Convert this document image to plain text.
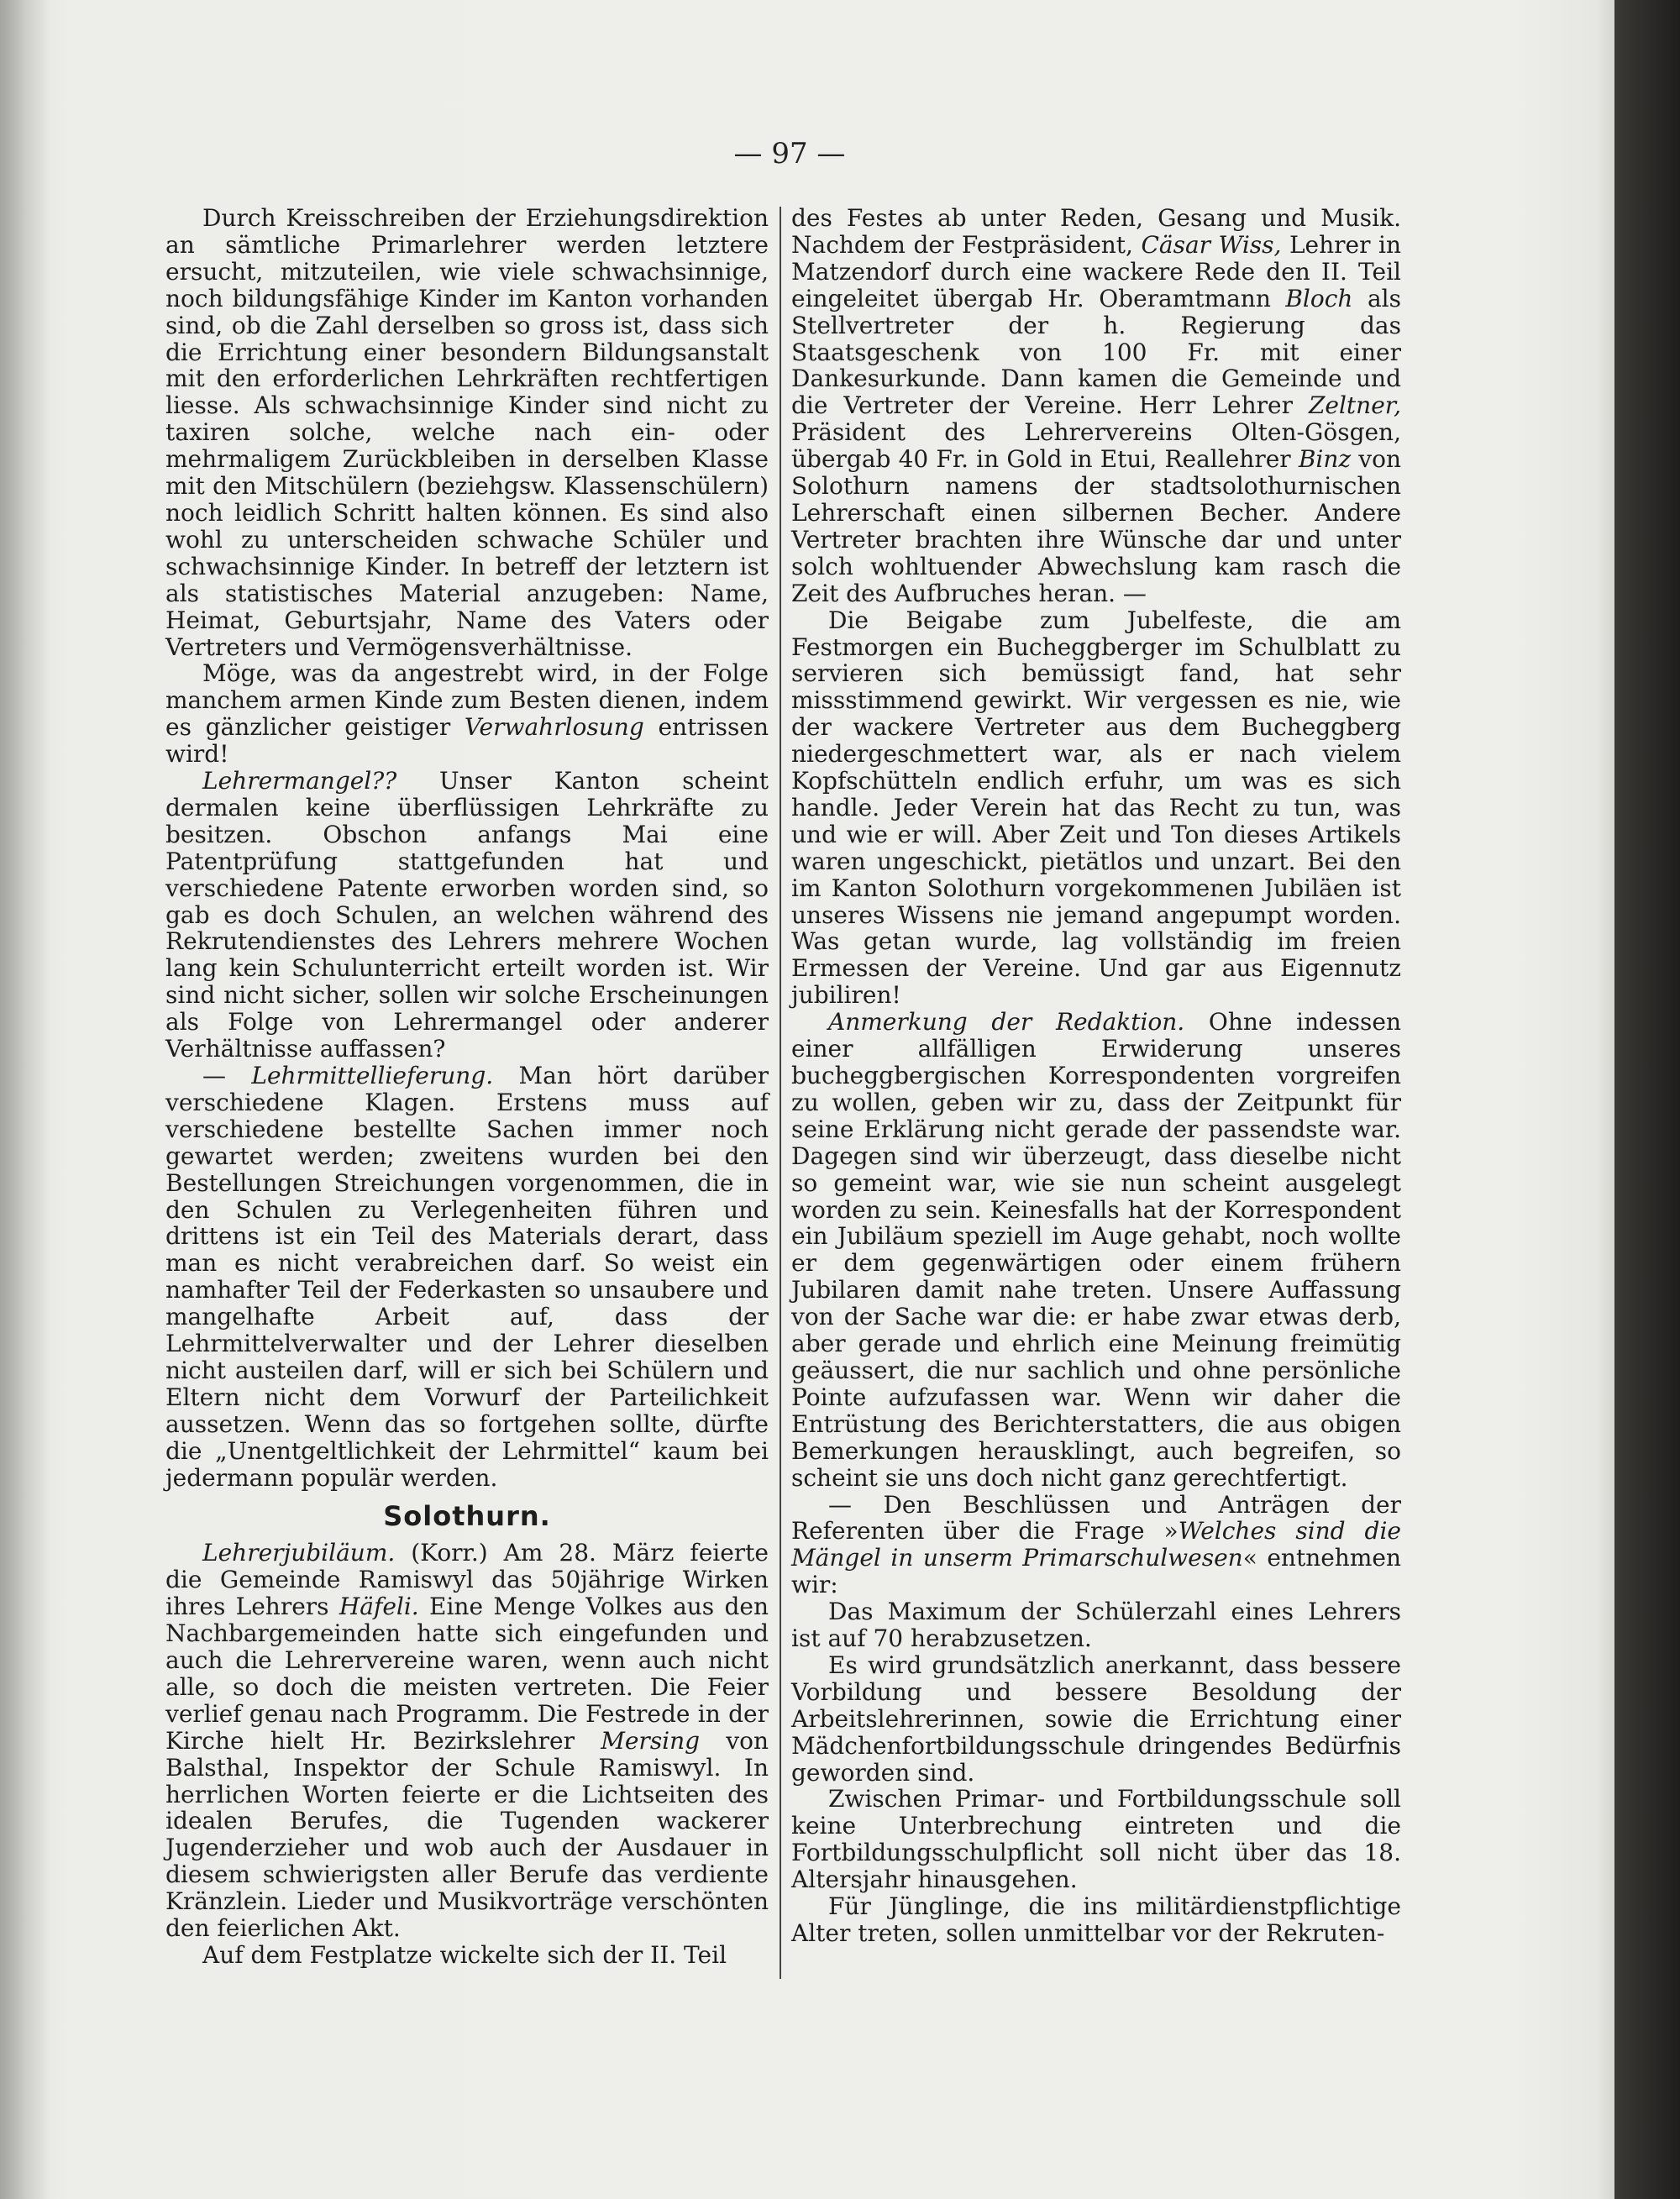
— 97 —

Durch Kreisschreiben der Erziehungsdirektion an sämtliche Primarlehrer werden letztere ersucht, mitzuteilen, wie viele schwachsinnige, noch bildungsfähige Kinder im Kanton vorhanden sind, ob die Zahl derselben so gross ist, dass sich die Errichtung einer besondern Bildungsanstalt mit den erforderlichen Lehrkräften rechtfertigen liesse. Als schwachsinnige Kinder sind nicht zu taxiren solche, welche nach ein- oder mehrmaligem Zurückbleiben in derselben Klasse mit den Mitschülern (beziehgsw. Klassenschülern) noch leidlich Schritt halten können. Es sind also wohl zu unterscheiden schwache Schüler und schwachsinnige Kinder. In betreff der letztern ist als statistisches Material anzugeben: Name, Heimat, Geburtsjahr, Name des Vaters oder Vertreters und Vermögensverhältnisse.

Möge, was da angestrebt wird, in der Folge manchem armen Kinde zum Besten dienen, indem es gänzlicher geistiger Verwahrlosung entrissen wird!

Lehrermangel?? Unser Kanton scheint dermalen keine überflüssigen Lehrkräfte zu besitzen. Obschon anfangs Mai eine Patentprüfung stattgefunden hat und verschiedene Patente erworben worden sind, so gab es doch Schulen, an welchen während des Rekrutendienstes des Lehrers mehrere Wochen lang kein Schulunterricht erteilt worden ist. Wir sind nicht sicher, sollen wir solche Erscheinungen als Folge von Lehrermangel oder anderer Verhältnisse auffassen?

— Lehrmittellieferung. Man hört darüber verschiedene Klagen. Erstens muss auf verschiedene bestellte Sachen immer noch gewartet werden; zweitens wurden bei den Bestellungen Streichungen vorgenommen, die in den Schulen zu Verlegenheiten führen und drittens ist ein Teil des Materials derart, dass man es nicht verabreichen darf. So weist ein namhafter Teil der Federkasten so unsaubere und mangelhafte Arbeit auf, dass der Lehrmittelverwalter und der Lehrer dieselben nicht austeilen darf, will er sich bei Schülern und Eltern nicht dem Vorwurf der Parteilichkeit aussetzen. Wenn das so fortgehen sollte, dürfte die „Unentgeltlichkeit der Lehrmittel“ kaum bei jedermann populär werden.

Solothurn.

Lehrerjubiläum. (Korr.) Am 28. März feierte die Gemeinde Ramiswyl das 50jährige Wirken ihres Lehrers Häfeli. Eine Menge Volkes aus den Nachbargemeinden hatte sich eingefunden und auch die Lehrervereine waren, wenn auch nicht alle, so doch die meisten vertreten. Die Feier verlief genau nach Programm. Die Festrede in der Kirche hielt Hr. Bezirkslehrer Mersing von Balsthal, Inspektor der Schule Ramiswyl. In herrlichen Worten feierte er die Lichtseiten des idealen Berufes, die Tugenden wackerer Jugenderzieher und wob auch der Ausdauer in diesem schwierigsten aller Berufe das verdiente Kränzlein. Lieder und Musikvorträge verschönten den feierlichen Akt.

Auf dem Festplatze wickelte sich der II. Teil

des Festes ab unter Reden, Gesang und Musik. Nachdem der Festpräsident, Cäsar Wiss, Lehrer in Matzendorf durch eine wackere Rede den II. Teil eingeleitet übergab Hr. Oberamtmann Bloch als Stellvertreter der h. Regierung das Staatsgeschenk von 100 Fr. mit einer Dankesurkunde. Dann kamen die Gemeinde und die Vertreter der Vereine. Herr Lehrer Zeltner, Präsident des Lehrervereins Olten-Gösgen, übergab 40 Fr. in Gold in Etui, Reallehrer Binz von Solothurn namens der stadtsolothurnischen Lehrerschaft einen silbernen Becher. Andere Vertreter brachten ihre Wünsche dar und unter solch wohltuender Abwechslung kam rasch die Zeit des Aufbruches heran. —

Die Beigabe zum Jubelfeste, die am Festmorgen ein Bucheggberger im Schulblatt zu servieren sich bemüssigt fand, hat sehr missstimmend gewirkt. Wir vergessen es nie, wie der wackere Vertreter aus dem Bucheggberg niedergeschmettert war, als er nach vielem Kopfschütteln endlich erfuhr, um was es sich handle. Jeder Verein hat das Recht zu tun, was und wie er will. Aber Zeit und Ton dieses Artikels waren ungeschickt, pietätlos und unzart. Bei den im Kanton Solothurn vorgekommenen Jubiläen ist unseres Wissens nie jemand angepumpt worden. Was getan wurde, lag vollständig im freien Ermessen der Vereine. Und gar aus Eigennutz jubiliren!

Anmerkung der Redaktion. Ohne indessen einer allfälligen Erwiderung unseres bucheggbergischen Korrespondenten vorgreifen zu wollen, geben wir zu, dass der Zeitpunkt für seine Erklärung nicht gerade der passendste war. Dagegen sind wir überzeugt, dass dieselbe nicht so gemeint war, wie sie nun scheint ausgelegt worden zu sein. Keinesfalls hat der Korrespondent ein Jubiläum speziell im Auge gehabt, noch wollte er dem gegenwärtigen oder einem frühern Jubilaren damit nahe treten. Unsere Auffassung von der Sache war die: er habe zwar etwas derb, aber gerade und ehrlich eine Meinung freimütig geäussert, die nur sachlich und ohne persönliche Pointe aufzufassen war. Wenn wir daher die Entrüstung des Berichterstatters, die aus obigen Bemerkungen herausklingt, auch begreifen, so scheint sie uns doch nicht ganz gerechtfertigt.

— Den Beschlüssen und Anträgen der Referenten über die Frage »Welches sind die Mängel in unserm Primarschulwesen« entnehmen wir:

Das Maximum der Schülerzahl eines Lehrers ist auf 70 herabzusetzen.

Es wird grundsätzlich anerkannt, dass bessere Vorbildung und bessere Besoldung der Arbeitslehrerinnen, sowie die Errichtung einer Mädchenfortbildungsschule dringendes Bedürfnis geworden sind.

Zwischen Primar- und Fortbildungsschule soll keine Unterbrechung eintreten und die Fortbildungsschulpflicht soll nicht über das 18. Altersjahr hinausgehen.

Für Jünglinge, die ins militärdienstpflichtige Alter treten, sollen unmittelbar vor der Rekruten-
